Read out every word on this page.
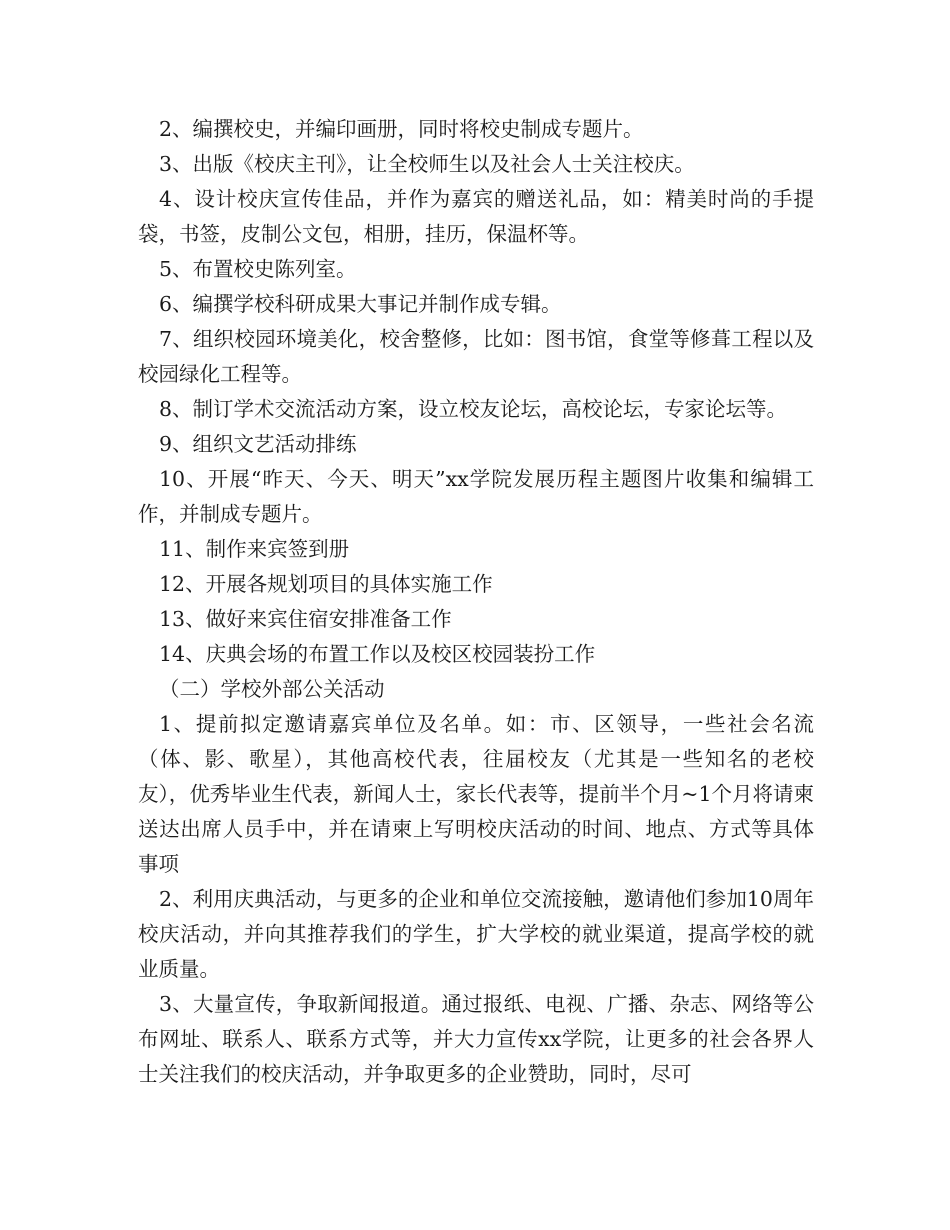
2、编撰校史，并编印画册，同时将校史制成专题片。

3、出版《校庆主刊》，让全校师生以及社会人士关注校庆。

4、设计校庆宣传佳品，并作为嘉宾的赠送礼品，如：精美时尚的手提袋，书签，皮制公文包，相册，挂历，保温杯等。

5、布置校史陈列室。

6、编撰学校科研成果大事记并制作成专辑。

7、组织校园环境美化，校舍整修，比如：图书馆，食堂等修葺工程以及校园绿化工程等。

8、制订学术交流活动方案，设立校友论坛，高校论坛，专家论坛等。

9、组织文艺活动排练

10、开展“昨天、今天、明天”xx学院发展历程主题图片收集和编辑工作，并制成专题片。

11、制作来宾签到册

12、开展各规划项目的具体实施工作

13、做好来宾住宿安排准备工作

14、庆典会场的布置工作以及校区校园装扮工作

（二）学校外部公关活动

1、提前拟定邀请嘉宾单位及名单。如：市、区领导，一些社会名流（体、影、歌星），其他高校代表，往届校友（尤其是一些知名的老校友），优秀毕业生代表，新闻人士，家长代表等，提前半个月~1个月将请柬送达出席人员手中，并在请柬上写明校庆活动的时间、地点、方式等具体事项

2、利用庆典活动，与更多的企业和单位交流接触，邀请他们参加10周年校庆活动，并向其推荐我们的学生，扩大学校的就业渠道，提高学校的就业质量。

3、大量宣传，争取新闻报道。通过报纸、电视、广播、杂志、网络等公布网址、联系人、联系方式等，并大力宣传xx学院，让更多的社会各界人士关注我们的校庆活动，并争取更多的企业赞助，同时，尽可
